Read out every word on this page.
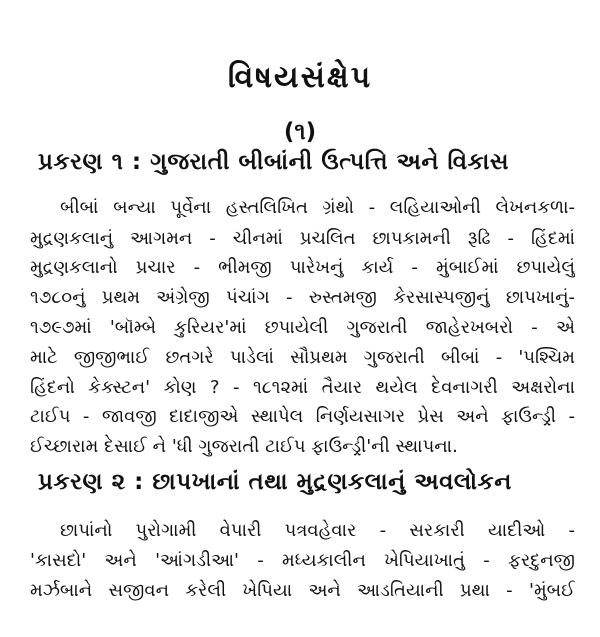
વિષયસંક્ષેપ
(૧)
પ્રકરણ ૧ : ગુજરાતી બીબાંની ઉત્પત્તિ અને વિકાસ
બીબાં બન્યા પૂર્વેના હસ્તલિખિત ગ્રંથો - લહિયાઓની લેખનકળા-
મુદ્રણકલાનું આગમન - ચીનમાં પ્રચલિત છાપકામની રૂઢિ - હિંદમાં
મુદ્રણકલાનો પ્રચાર - ભીમજી પારેખનું કાર્ય - મુંબાઈમાં છપાયેલું
૧૭૮૦નું પ્રથમ અંગ્રેજી પંચાંગ - રુસ્તમજી કેરસાસ્પજીનું છાપખાનું-
૧૭૯૭માં 'બૉમ્બે કુરિયર'માં છપાયેલી ગુજરાતી જાહેરખબરો - એ
માટે જીજીભાઈ છતગરે પાડેલાં સૌપ્રથમ ગુજરાતી બીબાં - 'પશ્ચિમ
હિંદનો કેક્સ્ટન' કોણ ? - ૧૮૧૨માં તૈયાર થયેલ દેવનાગરી અક્ષરોના
ટાઈપ - જાવજી દાદાજીએ સ્થાપેલ નિર્ણયસાગર પ્રેસ અને ફાઉન્ડ્રી -
ઈચ્છારામ દેસાઈ ને 'ધી ગુજરાતી ટાઈપ ફાઉન્ડ્રી'ની સ્થાપના.
પ્રકરણ ૨ : છાપખાનાં તથા મુદ્રણકલાનું અવલોકન
છાપાંનો પુરોગામી વેપારી પત્રવહેવાર - સરકારી યાદીઓ -
'કાસદો' અને 'આંગડીઆ' - મધ્યકાલીન ખેપિયાખાતું - ફરદુનજી
મર્ઝબાને સજીવન કરેલી ખેપિયા અને આડતિયાની પ્રથા - 'મુંબઈ
